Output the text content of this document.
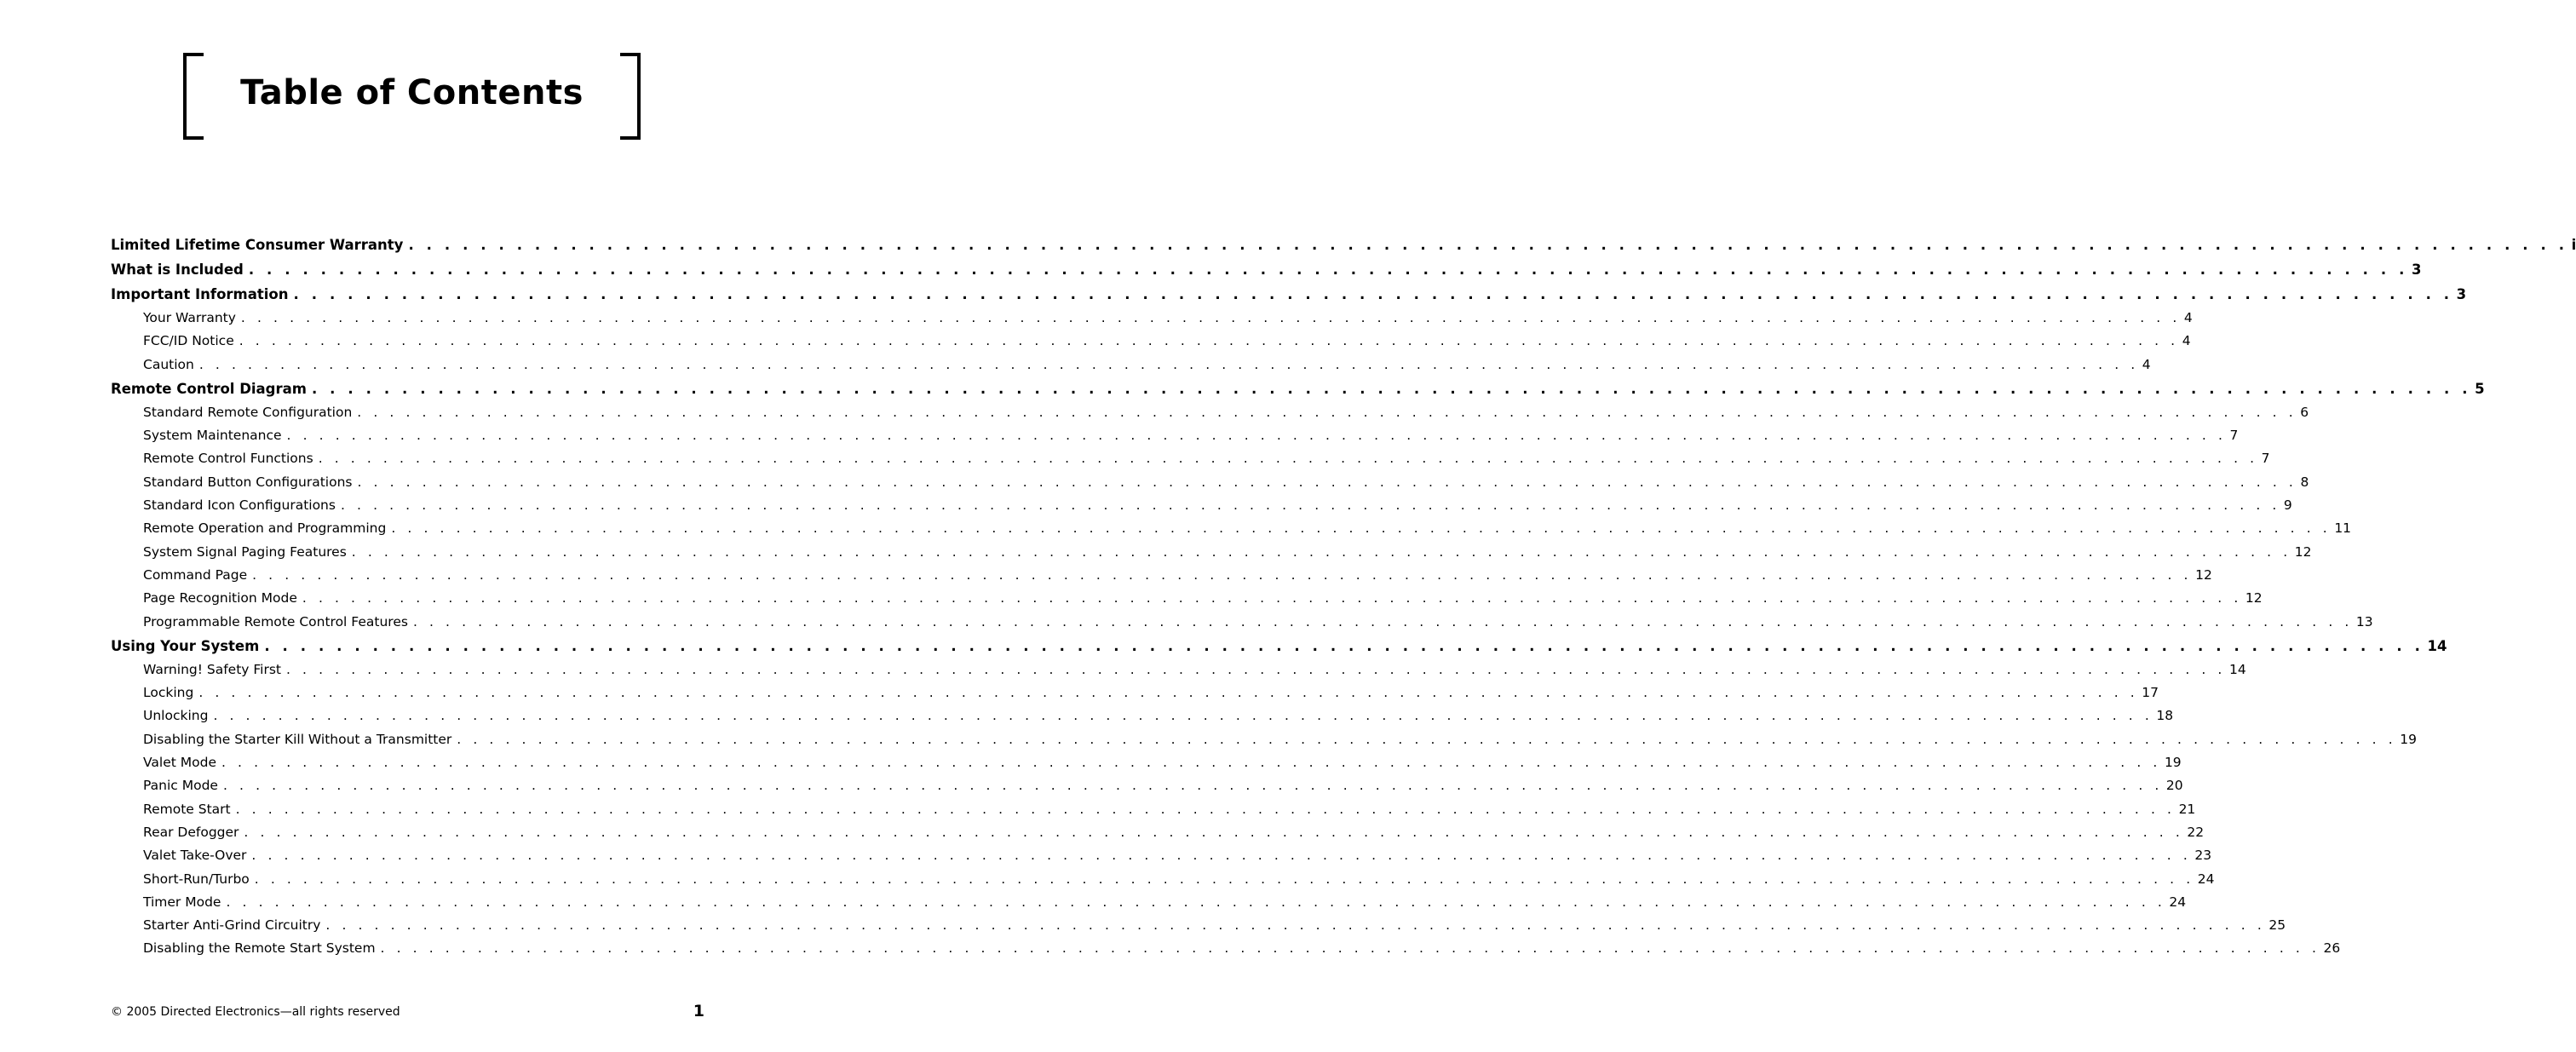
Table of Contents
Limited Lifetime Consumer Warranty . . . . . . . . . . . . . . . . . . . . . . . . . . . . . . . . . . . . . . . . . . . . . . . . . . . . . . . . . . . . . . . . . . . . . . . . . . . . . . . . . . . . . . . . . . . . . . . . . . . . . . . . . . . . . . . . . . . . . . . . i
What is Included . . . . . . . . . . . . . . . . . . . . . . . . . . . . . . . . . . . . . . . . . . . . . . . . . . . . . . . . . . . . . . . . . . . . . . . . . . . . . . . . . . . . . . . . . . . . . . . . . . . . . . . . . . . . . . . . . . . . . . . . 3
Important Information . . . . . . . . . . . . . . . . . . . . . . . . . . . . . . . . . . . . . . . . . . . . . . . . . . . . . . . . . . . . . . . . . . . . . . . . . . . . . . . . . . . . . . . . . . . . . . . . . . . . . . . . . . . . . . . . . . . . . . . . 3
Your Warranty . . . . . . . . . . . . . . . . . . . . . . . . . . . . . . . . . . . . . . . . . . . . . . . . . . . . . . . . . . . . . . . . . . . . . . . . . . . . . . . . . . . . . . . . . . . . . . . . . . . . . . . . . . . . . . . . . . . . . . . . 4
FCC/ID Notice . . . . . . . . . . . . . . . . . . . . . . . . . . . . . . . . . . . . . . . . . . . . . . . . . . . . . . . . . . . . . . . . . . . . . . . . . . . . . . . . . . . . . . . . . . . . . . . . . . . . . . . . . . . . . . . . . . . . . . . . 4
Caution . . . . . . . . . . . . . . . . . . . . . . . . . . . . . . . . . . . . . . . . . . . . . . . . . . . . . . . . . . . . . . . . . . . . . . . . . . . . . . . . . . . . . . . . . . . . . . . . . . . . . . . . . . . . . . . . . . . . . . . . 4
Remote Control Diagram . . . . . . . . . . . . . . . . . . . . . . . . . . . . . . . . . . . . . . . . . . . . . . . . . . . . . . . . . . . . . . . . . . . . . . . . . . . . . . . . . . . . . . . . . . . . . . . . . . . . . . . . . . . . . . . . . . . . . . . . 5
Standard Remote Configuration . . . . . . . . . . . . . . . . . . . . . . . . . . . . . . . . . . . . . . . . . . . . . . . . . . . . . . . . . . . . . . . . . . . . . . . . . . . . . . . . . . . . . . . . . . . . . . . . . . . . . . . . . . . . . . . . . . . . . . . . 6
System Maintenance . . . . . . . . . . . . . . . . . . . . . . . . . . . . . . . . . . . . . . . . . . . . . . . . . . . . . . . . . . . . . . . . . . . . . . . . . . . . . . . . . . . . . . . . . . . . . . . . . . . . . . . . . . . . . . . . . . . . . . . . 7
Remote Control Functions . . . . . . . . . . . . . . . . . . . . . . . . . . . . . . . . . . . . . . . . . . . . . . . . . . . . . . . . . . . . . . . . . . . . . . . . . . . . . . . . . . . . . . . . . . . . . . . . . . . . . . . . . . . . . . . . . . . . . . . . 7
Standard Button Configurations . . . . . . . . . . . . . . . . . . . . . . . . . . . . . . . . . . . . . . . . . . . . . . . . . . . . . . . . . . . . . . . . . . . . . . . . . . . . . . . . . . . . . . . . . . . . . . . . . . . . . . . . . . . . . . . . . . . . . . . . 8
Standard Icon Configurations . . . . . . . . . . . . . . . . . . . . . . . . . . . . . . . . . . . . . . . . . . . . . . . . . . . . . . . . . . . . . . . . . . . . . . . . . . . . . . . . . . . . . . . . . . . . . . . . . . . . . . . . . . . . . . . . . . . . . . . . 9
Remote Operation and Programming . . . . . . . . . . . . . . . . . . . . . . . . . . . . . . . . . . . . . . . . . . . . . . . . . . . . . . . . . . . . . . . . . . . . . . . . . . . . . . . . . . . . . . . . . . . . . . . . . . . . . . . . . . . . . . . . . . . . . . . . 11
System Signal Paging Features . . . . . . . . . . . . . . . . . . . . . . . . . . . . . . . . . . . . . . . . . . . . . . . . . . . . . . . . . . . . . . . . . . . . . . . . . . . . . . . . . . . . . . . . . . . . . . . . . . . . . . . . . . . . . . . . . . . . . . . . 12
Command Page . . . . . . . . . . . . . . . . . . . . . . . . . . . . . . . . . . . . . . . . . . . . . . . . . . . . . . . . . . . . . . . . . . . . . . . . . . . . . . . . . . . . . . . . . . . . . . . . . . . . . . . . . . . . . . . . . . . . . . . . 12
Page Recognition Mode . . . . . . . . . . . . . . . . . . . . . . . . . . . . . . . . . . . . . . . . . . . . . . . . . . . . . . . . . . . . . . . . . . . . . . . . . . . . . . . . . . . . . . . . . . . . . . . . . . . . . . . . . . . . . . . . . . . . . . . . 12
Programmable Remote Control Features . . . . . . . . . . . . . . . . . . . . . . . . . . . . . . . . . . . . . . . . . . . . . . . . . . . . . . . . . . . . . . . . . . . . . . . . . . . . . . . . . . . . . . . . . . . . . . . . . . . . . . . . . . . . . . . . . . . . . . . . 13
Using Your System . . . . . . . . . . . . . . . . . . . . . . . . . . . . . . . . . . . . . . . . . . . . . . . . . . . . . . . . . . . . . . . . . . . . . . . . . . . . . . . . . . . . . . . . . . . . . . . . . . . . . . . . . . . . . . . . . . . . . . . . 14
Warning! Safety First . . . . . . . . . . . . . . . . . . . . . . . . . . . . . . . . . . . . . . . . . . . . . . . . . . . . . . . . . . . . . . . . . . . . . . . . . . . . . . . . . . . . . . . . . . . . . . . . . . . . . . . . . . . . . . . . . . . . . . . . 14
Locking . . . . . . . . . . . . . . . . . . . . . . . . . . . . . . . . . . . . . . . . . . . . . . . . . . . . . . . . . . . . . . . . . . . . . . . . . . . . . . . . . . . . . . . . . . . . . . . . . . . . . . . . . . . . . . . . . . . . . . . . 17
Unlocking . . . . . . . . . . . . . . . . . . . . . . . . . . . . . . . . . . . . . . . . . . . . . . . . . . . . . . . . . . . . . . . . . . . . . . . . . . . . . . . . . . . . . . . . . . . . . . . . . . . . . . . . . . . . . . . . . . . . . . . . 18
Disabling the Starter Kill Without a Transmitter . . . . . . . . . . . . . . . . . . . . . . . . . . . . . . . . . . . . . . . . . . . . . . . . . . . . . . . . . . . . . . . . . . . . . . . . . . . . . . . . . . . . . . . . . . . . . . . . . . . . . . . . . . . . . . . . . . . . . . . . 19
Valet Mode . . . . . . . . . . . . . . . . . . . . . . . . . . . . . . . . . . . . . . . . . . . . . . . . . . . . . . . . . . . . . . . . . . . . . . . . . . . . . . . . . . . . . . . . . . . . . . . . . . . . . . . . . . . . . . . . . . . . . . . . 19
Panic Mode . . . . . . . . . . . . . . . . . . . . . . . . . . . . . . . . . . . . . . . . . . . . . . . . . . . . . . . . . . . . . . . . . . . . . . . . . . . . . . . . . . . . . . . . . . . . . . . . . . . . . . . . . . . . . . . . . . . . . . . . 20
Remote Start . . . . . . . . . . . . . . . . . . . . . . . . . . . . . . . . . . . . . . . . . . . . . . . . . . . . . . . . . . . . . . . . . . . . . . . . . . . . . . . . . . . . . . . . . . . . . . . . . . . . . . . . . . . . . . . . . . . . . . . . 21
Rear Defogger . . . . . . . . . . . . . . . . . . . . . . . . . . . . . . . . . . . . . . . . . . . . . . . . . . . . . . . . . . . . . . . . . . . . . . . . . . . . . . . . . . . . . . . . . . . . . . . . . . . . . . . . . . . . . . . . . . . . . . . . 22
Valet Take-Over . . . . . . . . . . . . . . . . . . . . . . . . . . . . . . . . . . . . . . . . . . . . . . . . . . . . . . . . . . . . . . . . . . . . . . . . . . . . . . . . . . . . . . . . . . . . . . . . . . . . . . . . . . . . . . . . . . . . . . . . 23
Short-Run/Turbo . . . . . . . . . . . . . . . . . . . . . . . . . . . . . . . . . . . . . . . . . . . . . . . . . . . . . . . . . . . . . . . . . . . . . . . . . . . . . . . . . . . . . . . . . . . . . . . . . . . . . . . . . . . . . . . . . . . . . . . . 24
Timer Mode . . . . . . . . . . . . . . . . . . . . . . . . . . . . . . . . . . . . . . . . . . . . . . . . . . . . . . . . . . . . . . . . . . . . . . . . . . . . . . . . . . . . . . . . . . . . . . . . . . . . . . . . . . . . . . . . . . . . . . . . 24
Starter Anti-Grind Circuitry . . . . . . . . . . . . . . . . . . . . . . . . . . . . . . . . . . . . . . . . . . . . . . . . . . . . . . . . . . . . . . . . . . . . . . . . . . . . . . . . . . . . . . . . . . . . . . . . . . . . . . . . . . . . . . . . . . . . . . . . 25
Disabling the Remote Start System . . . . . . . . . . . . . . . . . . . . . . . . . . . . . . . . . . . . . . . . . . . . . . . . . . . . . . . . . . . . . . . . . . . . . . . . . . . . . . . . . . . . . . . . . . . . . . . . . . . . . . . . . . . . . . . . . . . . . . . . 26
© 2005 Directed Electronics—all rights reserved	1
